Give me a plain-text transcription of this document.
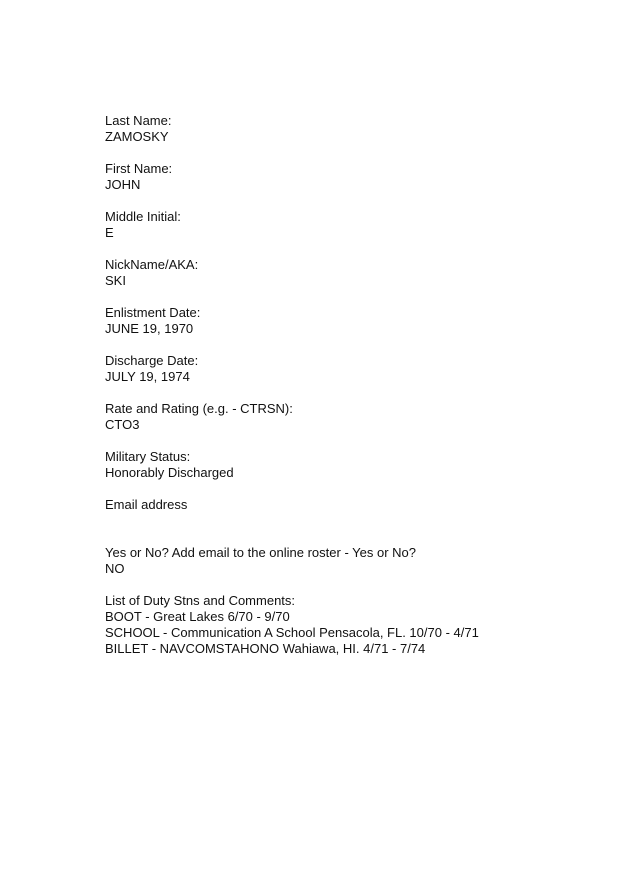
Last Name:
ZAMOSKY
First Name:
JOHN
Middle Initial:
E
NickName/AKA:
SKI
Enlistment Date:
JUNE 19, 1970
Discharge Date:
JULY 19, 1974
Rate and Rating (e.g. - CTRSN):
CTO3
Military Status:
Honorably Discharged
Email address
Yes or No? Add email to the online roster - Yes or No?
NO
List of Duty Stns and Comments:
BOOT - Great Lakes 6/70 - 9/70
SCHOOL - Communication A School Pensacola, FL. 10/70 - 4/71
BILLET - NAVCOMSTAHONO Wahiawa, HI. 4/71 - 7/74
